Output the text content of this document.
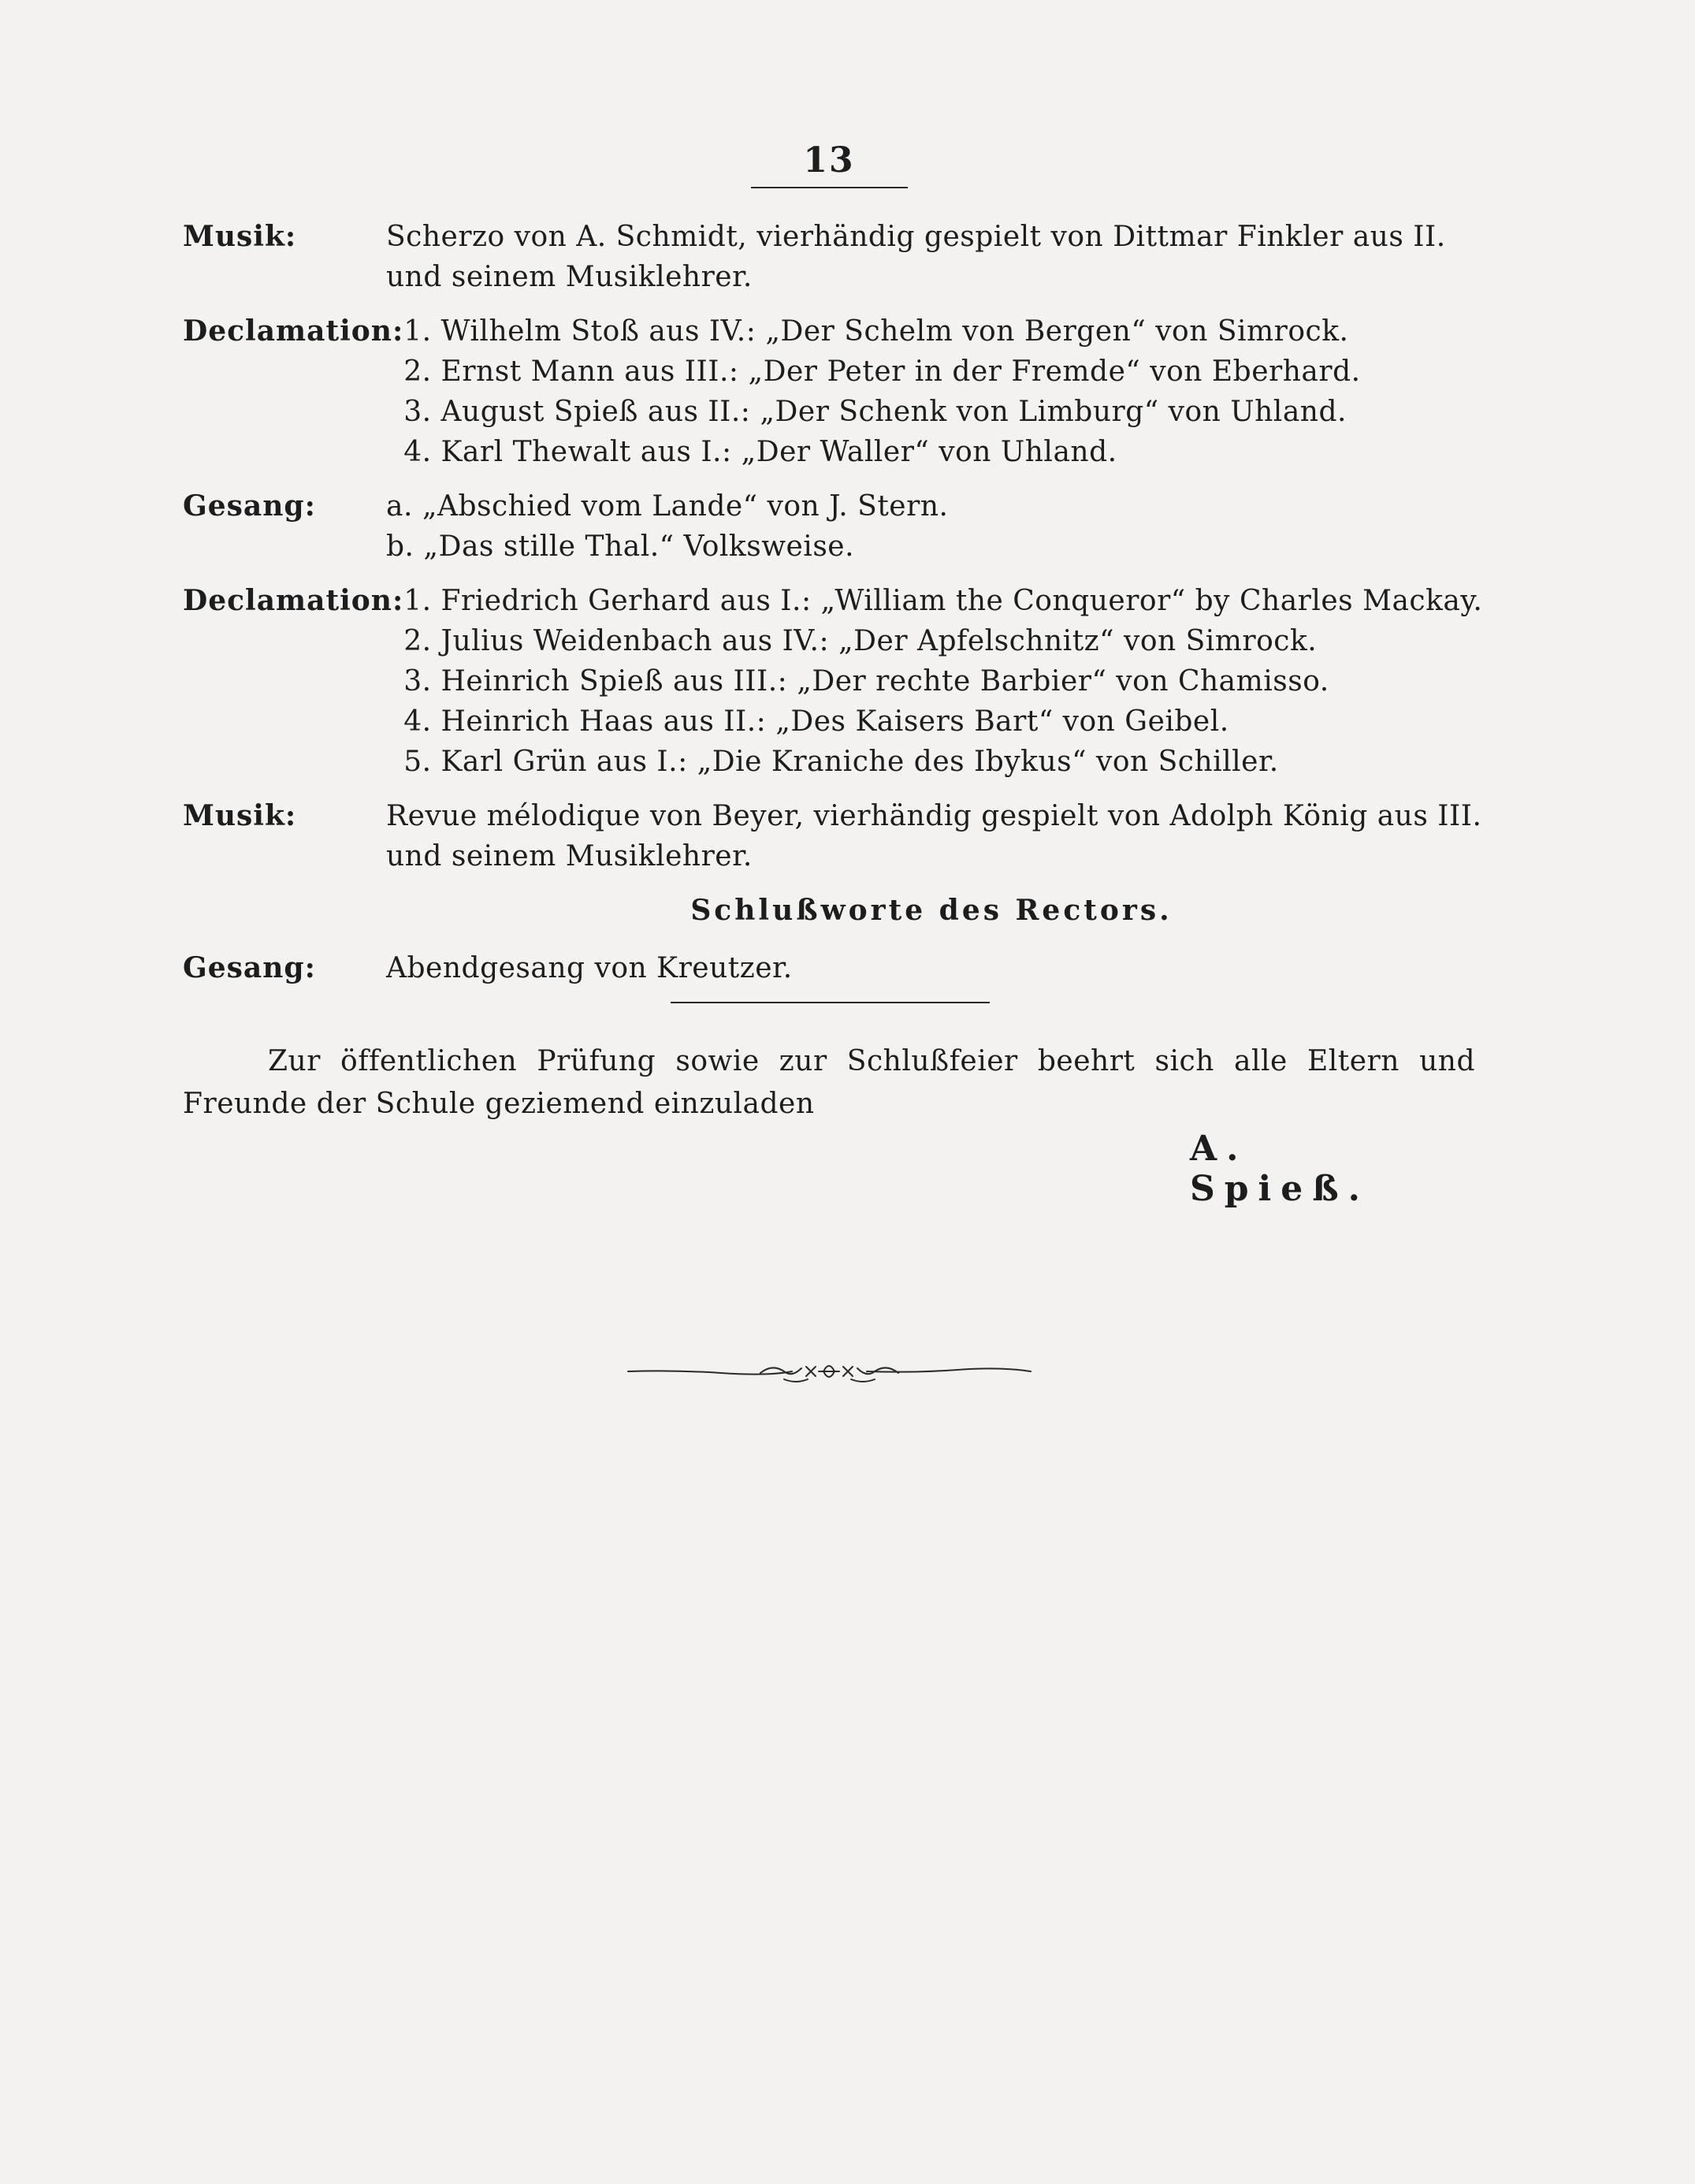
13
Musik:	Scherzo von A. Schmidt, vierhändig gespielt von Dittmar Finkler aus II.
und seinem Musiklehrer.
Declamation: 1. Wilhelm Stoß aus IV.: „Der Schelm von Bergen“ von Simrock.
2. Ernst Mann aus III.: „Der Peter in der Fremde“ von Eberhard.
3. August Spieß aus II.: „Der Schenk von Limburg“ von Uhland.
4. Karl Thewalt aus I.: „Der Waller“ von Uhland.
Gesang:	a. „Abschied vom Lande“ von J. Stern.
b. „Das stille Thal.“ Volksweise.
Declamation: 1. Friedrich Gerhard aus I.: „William the Conqueror“ by Charles Mackay.
2. Julius Weidenbach aus IV.: „Der Apfelschnitz“ von Simrock.
3. Heinrich Spieß aus III.: „Der rechte Barbier“ von Chamisso.
4. Heinrich Haas aus II.: „Des Kaisers Bart“ von Geibel.
5. Karl Grün aus I.: „Die Kraniche des Ibykus“ von Schiller.
Musik:	Revue mélodique von Beyer, vierhändig gespielt von Adolph König aus III.
und seinem Musiklehrer.
Schlußworte des Rectors.
Gesang:	Abendgesang von Kreutzer.
Zur öffentlichen Prüfung sowie zur Schlußfeier beehrt sich alle Eltern und Freunde der Schule geziemend einzuladen
A. Spieß.
